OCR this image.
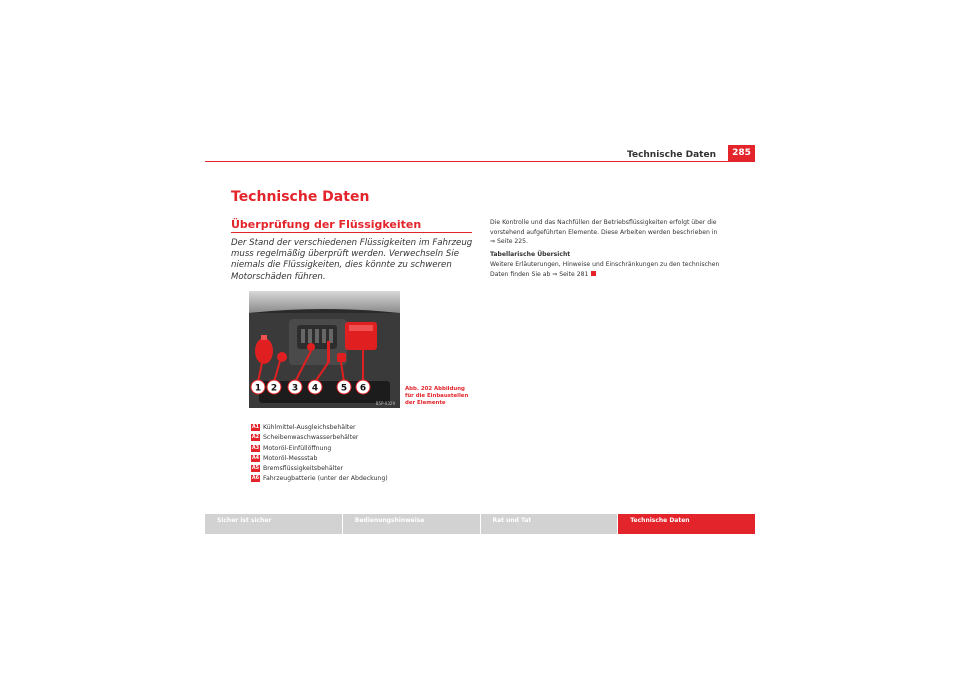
Technische Daten	285
Technische Daten
Überprüfung der Flüssigkeiten
Der Stand der verschiedenen Flüssigkeiten im Fahrzeug muss regelmäßig überprüft werden. Verwechseln Sie niemals die Flüssigkeiten, dies könnte zu schweren Motorschäden führen.
1 2 3 4	5 6
B5P-0329
Abb. 202 Abbildung für die Einbaustellen der Elemente
A1 Kühlmittel-Ausgleichsbehälter
A2 Scheibenwaschwasserbehälter
A3 Motoröl-Einfüllöffnung
A4 Motoröl-Messstab
A5 Bremsflüssigkeitsbehälter
A6 Fahrzeugbatterie (unter der Abdeckung)
Die Kontrolle und das Nachfüllen der Betriebsflüssigkeiten erfolgt über die vorstehend aufgeführten Elemente. Diese Arbeiten werden beschrieben in ⇒ Seite 225.
Tabellarische Übersicht
Weitere Erläuterungen, Hinweise und Einschränkungen zu den technischen Daten finden Sie ab ⇒ Seite 281
Sicher ist sicher	Bedienungshinweise	Rat und Tat	Technische Daten
